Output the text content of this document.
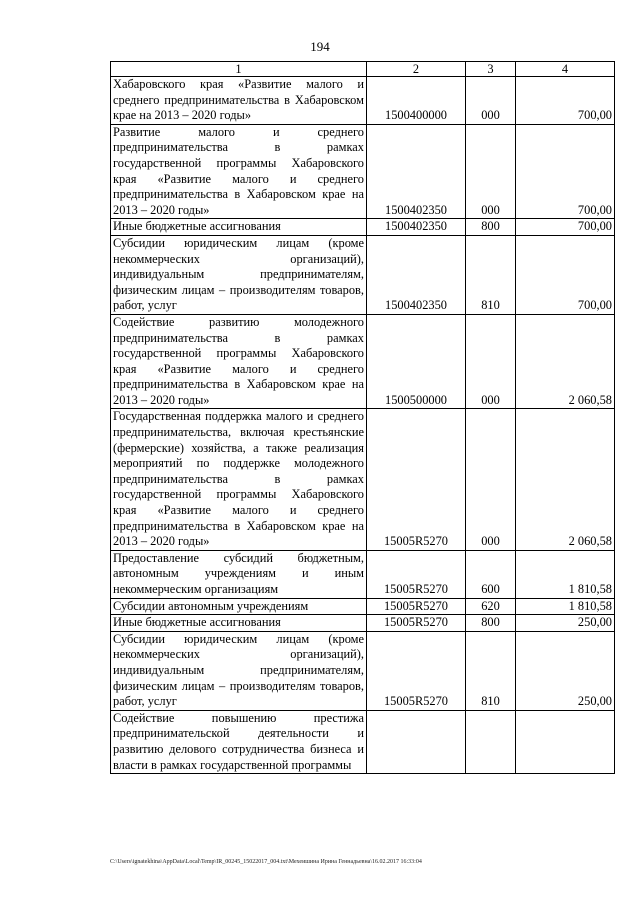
194
1	2	3	4
Хабаровского края «Развитие малого и среднего предпринимательства в Хабаровском крае на 2013 – 2020 годы»	1500400000	000	700,00
Развитие малого и среднего предпринимательства в рамках государственной программы Хабаровского края «Развитие малого и среднего предпринимательства в Хабаровском крае на 2013 – 2020 годы»	1500402350	000	700,00
Иные бюджетные ассигнования	1500402350	800	700,00
Субсидии юридическим лицам (кроме некоммерческих организаций), индивидуальным предпринимателям, физическим лицам – производителям товаров, работ, услуг	1500402350	810	700,00
Содействие развитию молодежного предпринимательства в рамках государственной программы Хабаровского края «Развитие малого и среднего предпринимательства в Хабаровском крае на 2013 – 2020 годы»	1500500000	000	2 060,58
Государственная поддержка малого и среднего предпринимательства, включая крестьянские (фермерские) хозяйства, а также реализация мероприятий по поддержке молодежного предпринимательства в рамках государственной программы Хабаровского края «Развитие малого и среднего предпринимательства в Хабаровском крае на 2013 – 2020 годы»	15005R5270	000	2 060,58
Предоставление субсидий бюджетным, автономным учреждениям и иным некоммерческим организациям	15005R5270	600	1 810,58
Субсидии автономным учреждениям	15005R5270	620	1 810,58
Иные бюджетные ассигнования	15005R5270	800	250,00
Субсидии юридическим лицам (кроме некоммерческих организаций), индивидуальным предпринимателям, физическим лицам – производителям товаров, работ, услуг	15005R5270	810	250,00
Содействие повышению престижа предпринимательской деятельности и развитию делового сотрудничества бизнеса и власти в рамках государственной программы			
C:\Users\ignatekhina\AppData\Local\Temp\IR_00245_15022017_004.txt\Мехеишина Ирина Геннадьевна\16.02.2017 16:33:04
